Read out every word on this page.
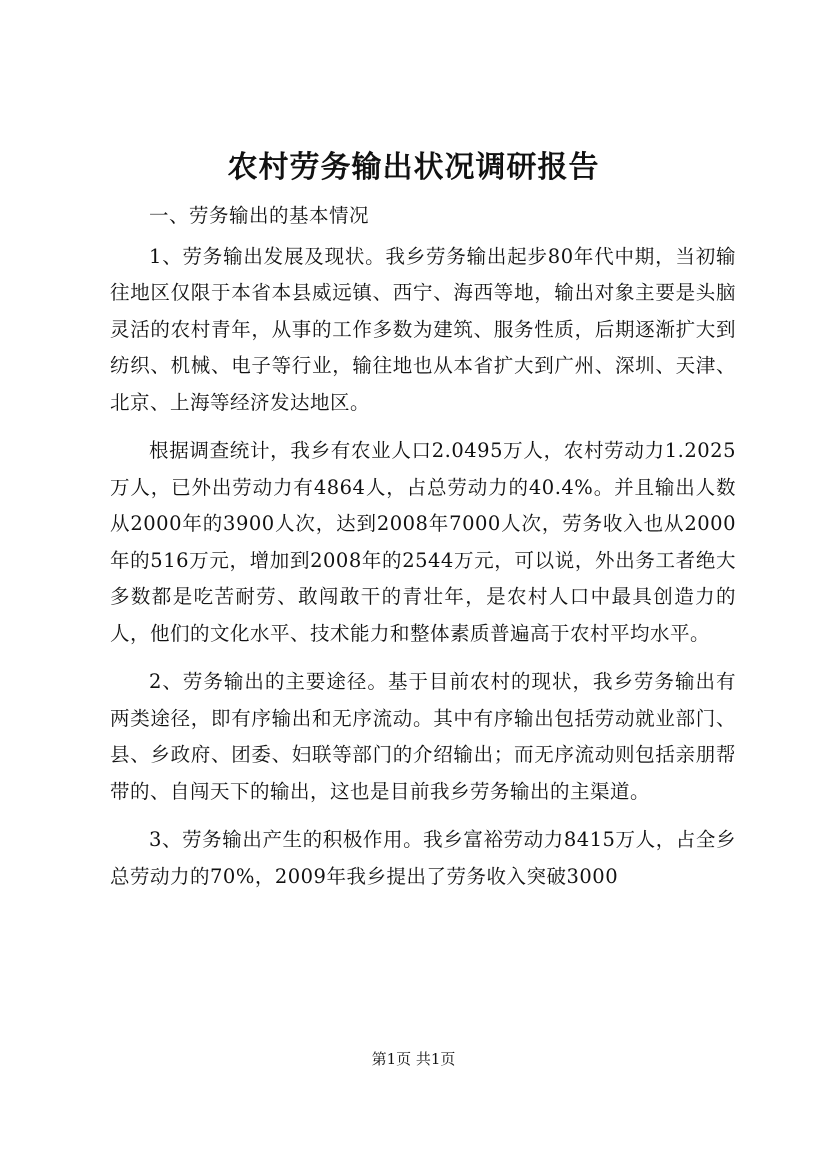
农村劳务输出状况调研报告

一、劳务输出的基本情况

1、劳务输出发展及现状。我乡劳务输出起步80年代中期，当初输往地区仅限于本省本县威远镇、西宁、海西等地，输出对象主要是头脑灵活的农村青年，从事的工作多数为建筑、服务性质，后期逐渐扩大到纺织、机械、电子等行业，输往地也从本省扩大到广州、深圳、天津、北京、上海等经济发达地区。

根据调查统计，我乡有农业人口2.0495万人，农村劳动力1.2025万人，已外出劳动力有4864人，占总劳动力的40.4%。并且输出人数从2000年的3900人次，达到2008年7000人次，劳务收入也从2000年的516万元，增加到2008年的2544万元，可以说，外出务工者绝大多数都是吃苦耐劳、敢闯敢干的青壮年，是农村人口中最具创造力的人，他们的文化水平、技术能力和整体素质普遍高于农村平均水平。

2、劳务输出的主要途径。基于目前农村的现状，我乡劳务输出有两类途径，即有序输出和无序流动。其中有序输出包括劳动就业部门、县、乡政府、团委、妇联等部门的介绍输出；而无序流动则包括亲朋帮带的、自闯天下的输出，这也是目前我乡劳务输出的主渠道。

3、劳务输出产生的积极作用。我乡富裕劳动力8415万人，占全乡总劳动力的70%，2009年我乡提出了劳务收入突破3000

第1页 共1页
